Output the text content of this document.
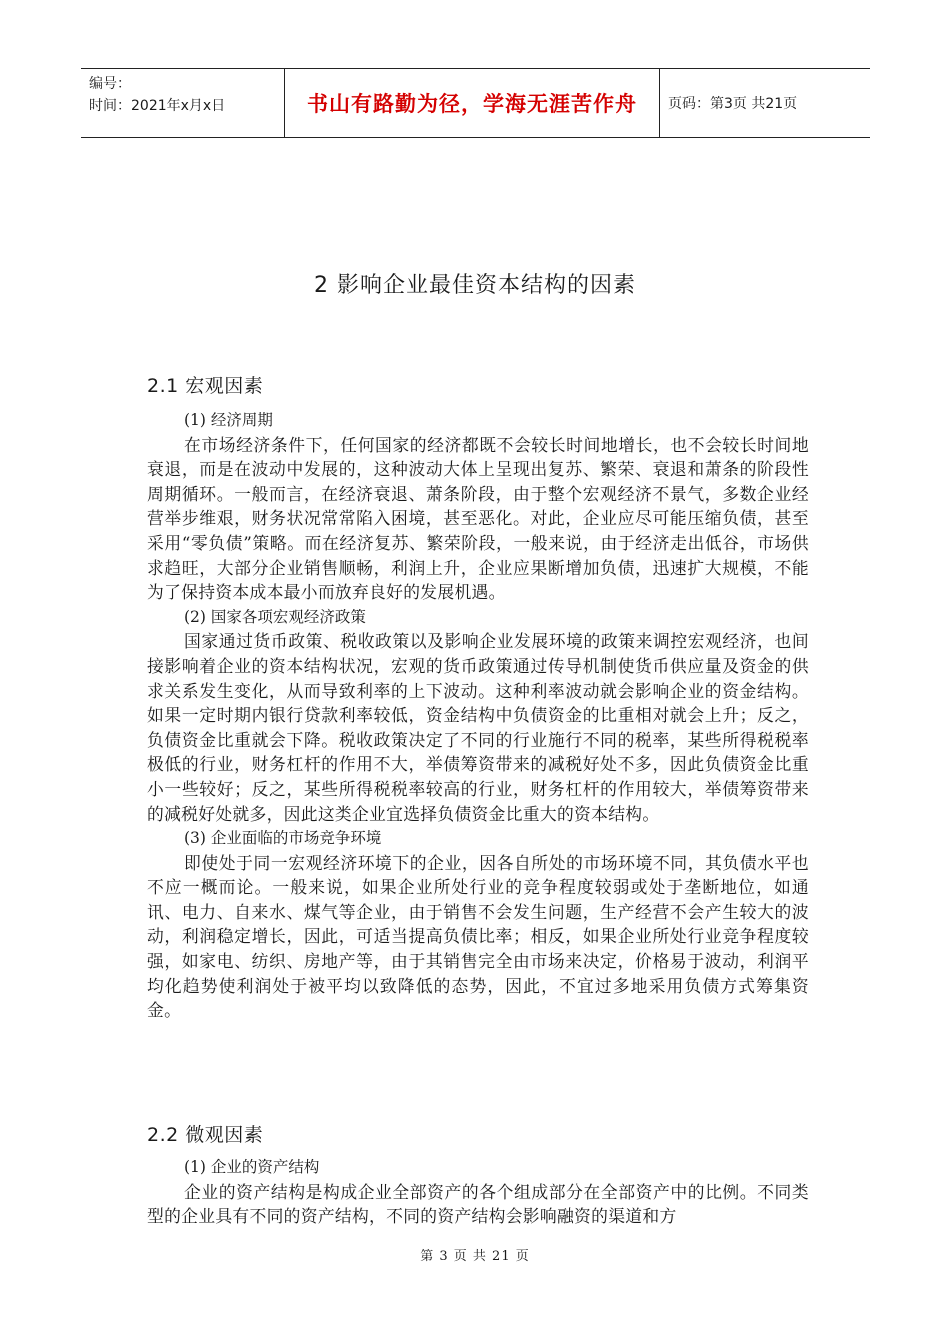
编号：
时间：2021年x月x日	书山有路勤为径，学海无涯苦作舟	页码：第3页 共21页
2 影响企业最佳资本结构的因素
2.1 宏观因素

(1) 经济周期

在市场经济条件下，任何国家的经济都既不会较长时间地增长，也不会较长时间地衰退，而是在波动中发展的，这种波动大体上呈现出复苏、繁荣、衰退和萧条的阶段性周期循环。一般而言，在经济衰退、萧条阶段，由于整个宏观经济不景气，多数企业经营举步维艰，财务状况常常陷入困境，甚至恶化。对此，企业应尽可能压缩负债，甚至采用“零负债”策略。而在经济复苏、繁荣阶段，一般来说，由于经济走出低谷，市场供求趋旺，大部分企业销售顺畅，利润上升，企业应果断增加负债，迅速扩大规模，不能为了保持资本成本最小而放弃良好的发展机遇。

(2) 国家各项宏观经济政策

国家通过货币政策、税收政策以及影响企业发展环境的政策来调控宏观经济，也间接影响着企业的资本结构状况，宏观的货币政策通过传导机制使货币供应量及资金的供求关系发生变化，从而导致利率的上下波动。这种利率波动就会影响企业的资金结构。如果一定时期内银行贷款利率较低，资金结构中负债资金的比重相对就会上升；反之，负债资金比重就会下降。税收政策决定了不同的行业施行不同的税率，某些所得税税率极低的行业，财务杠杆的作用不大，举债筹资带来的减税好处不多，因此负债资金比重小一些较好；反之，某些所得税税率较高的行业，财务杠杆的作用较大，举债筹资带来的减税好处就多，因此这类企业宜选择负债资金比重大的资本结构。

(3) 企业面临的市场竞争环境

即使处于同一宏观经济环境下的企业，因各自所处的市场环境不同，其负债水平也不应一概而论。一般来说，如果企业所处行业的竞争程度较弱或处于垄断地位，如通讯、电力、自来水、煤气等企业，由于销售不会发生问题，生产经营不会产生较大的波动，利润稳定增长，因此，可适当提高负债比率；相反，如果企业所处行业竞争程度较强，如家电、纺织、房地产等，由于其销售完全由市场来决定，价格易于波动，利润平均化趋势使利润处于被平均以致降低的态势，因此，不宜过多地采用负债方式筹集资金。

2.2 微观因素

(1) 企业的资产结构

企业的资产结构是构成企业全部资产的各个组成部分在全部资产中的比例。不同类型的企业具有不同的资产结构，不同的资产结构会影响融资的渠道和方

第 3 页 共 21 页
